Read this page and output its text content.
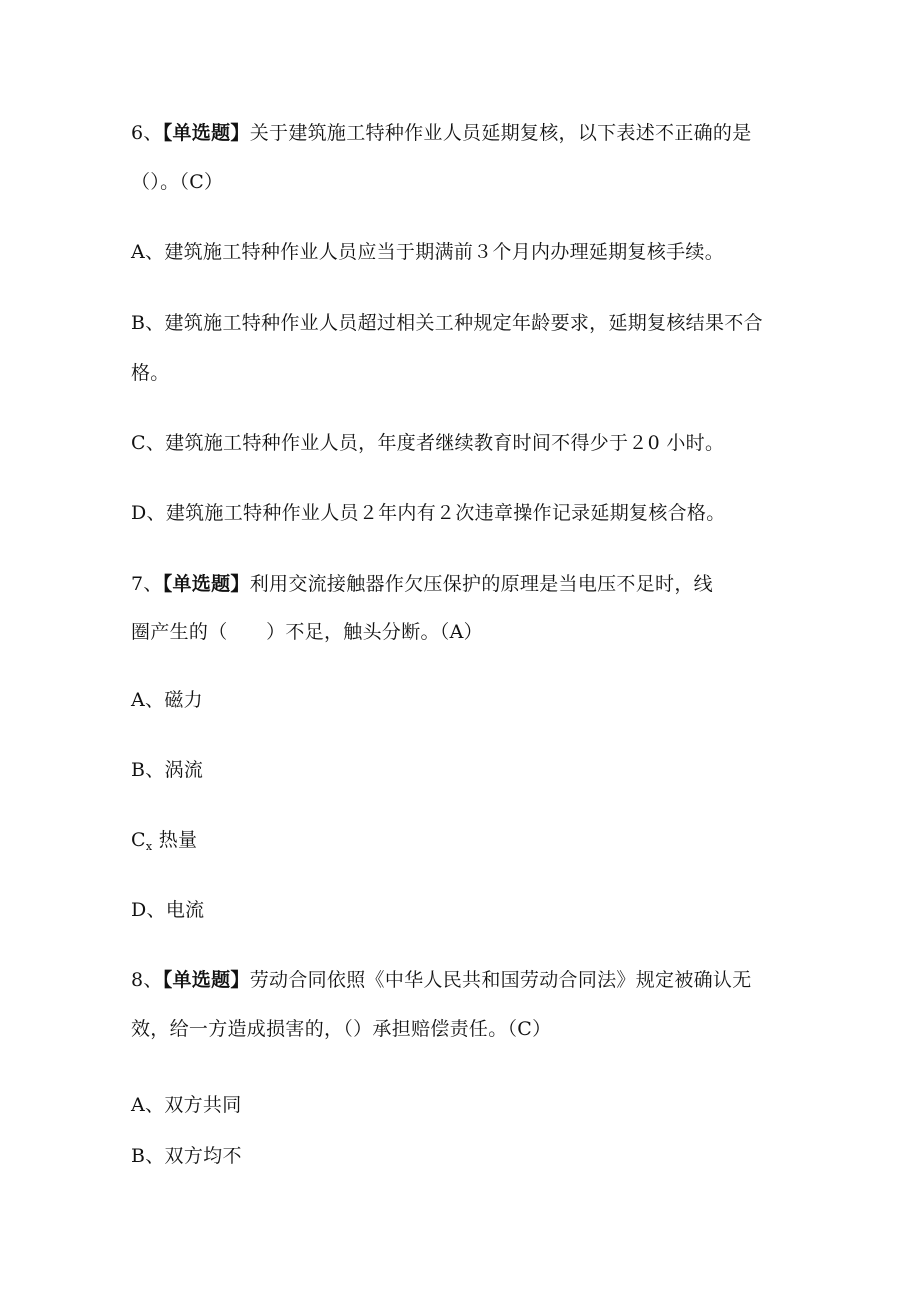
6、【单选题】关于建筑施工特种作业人员延期复核，以下表述不正确的是
（）。（C）
A、建筑施工特种作业人员应当于期满前３个月内办理延期复核手续。
B、建筑施工特种作业人员超过相关工种规定年龄要求，延期复核结果不合
格。
C、建筑施工特种作业人员，年度者继续教育时间不得少于２0 小时。
D、建筑施工特种作业人员２年内有２次违章操作记录延期复核合格。
7、【单选题】利用交流接触器作欠压保护的原理是当电压不足时，线
圈产生的（　　）不足，触头分断。（A）
A、磁力
B、涡流
$C_x$ 热量
D、电流
8、【单选题】劳动合同依照《中华人民共和国劳动合同法》规定被确认无
效，给一方造成损害的，（）承担赔偿责任。（C）
A、双方共同
B、双方均不
